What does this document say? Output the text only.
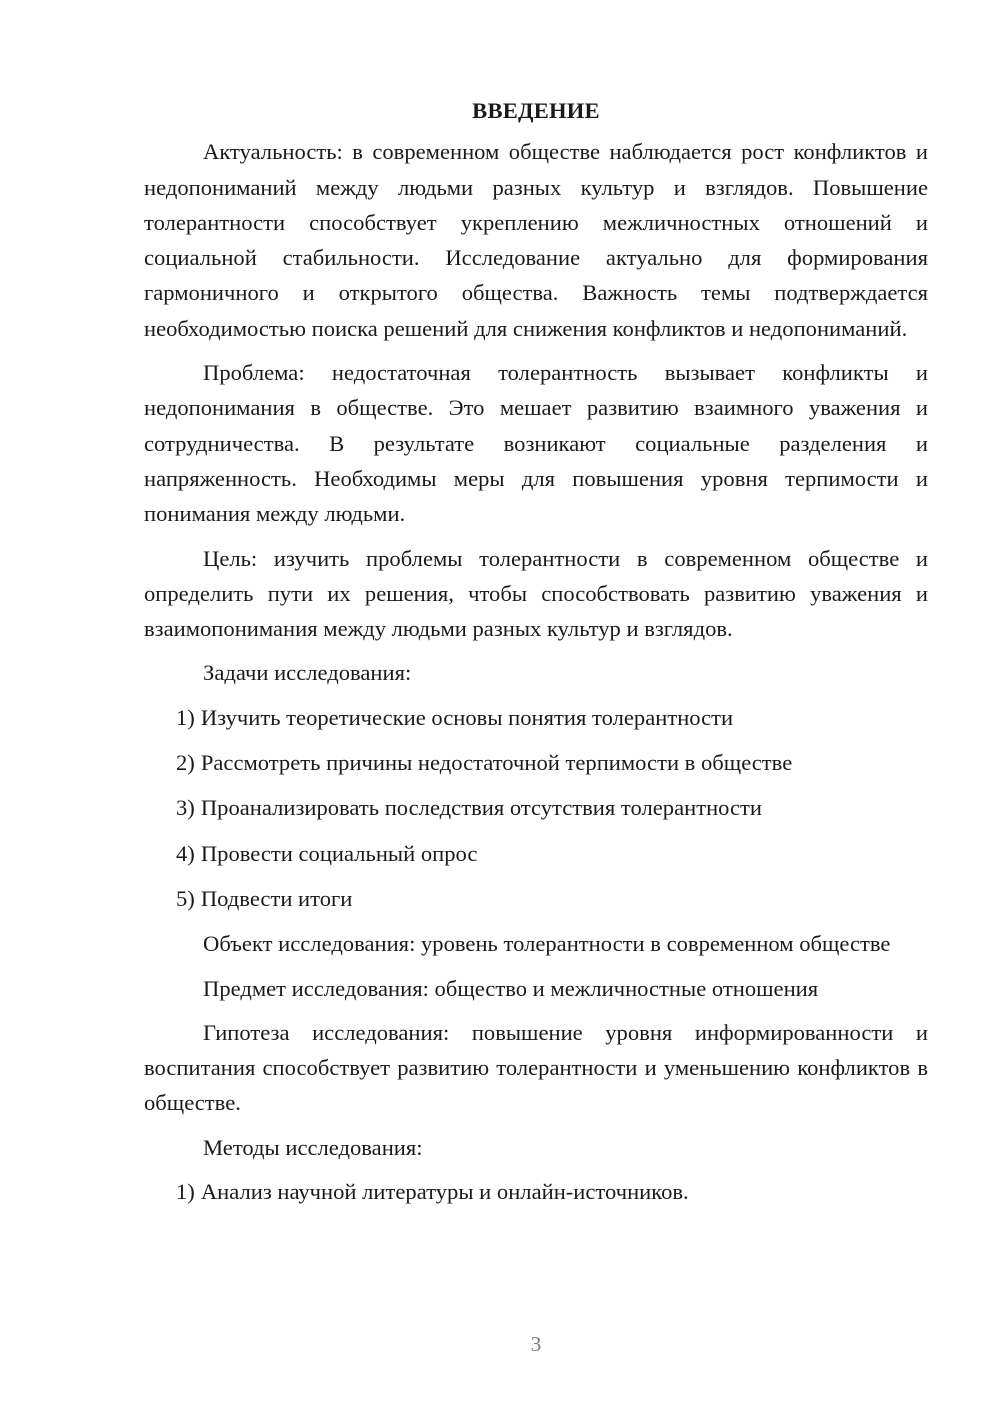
ВВЕДЕНИЕ

Актуальность: в современном обществе наблюдается рост конфликтов и недопониманий между людьми разных культур и взглядов. Повышение толерантности способствует укреплению межличностных отношений и социальной стабильности. Исследование актуально для формирования гармоничного и открытого общества. Важность темы подтверждается необходимостью поиска решений для снижения конфликтов и недопониманий.

Проблема: недостаточная толерантность вызывает конфликты и недопонимания в обществе. Это мешает развитию взаимного уважения и сотрудничества. В результате возникают социальные разделения и напряженность. Необходимы меры для повышения уровня терпимости и понимания между людьми.

Цель: изучить проблемы толерантности в современном обществе и определить пути их решения, чтобы способствовать развитию уважения и взаимопонимания между людьми разных культур и взглядов.

Задачи исследования:

1) Изучить теоретические основы понятия толерантности
2) Рассмотреть причины недостаточной терпимости в обществе
3) Проанализировать последствия отсутствия толерантности
4) Провести социальный опрос
5) Подвести итоги

Объект исследования: уровень толерантности в современном обществе

Предмет исследования: общество и межличностные отношения

Гипотеза исследования: повышение уровня информированности и воспитания способствует развитию толерантности и уменьшению конфликтов в обществе.

Методы исследования:

1) Анализ научной литературы и онлайн-источников.
3
